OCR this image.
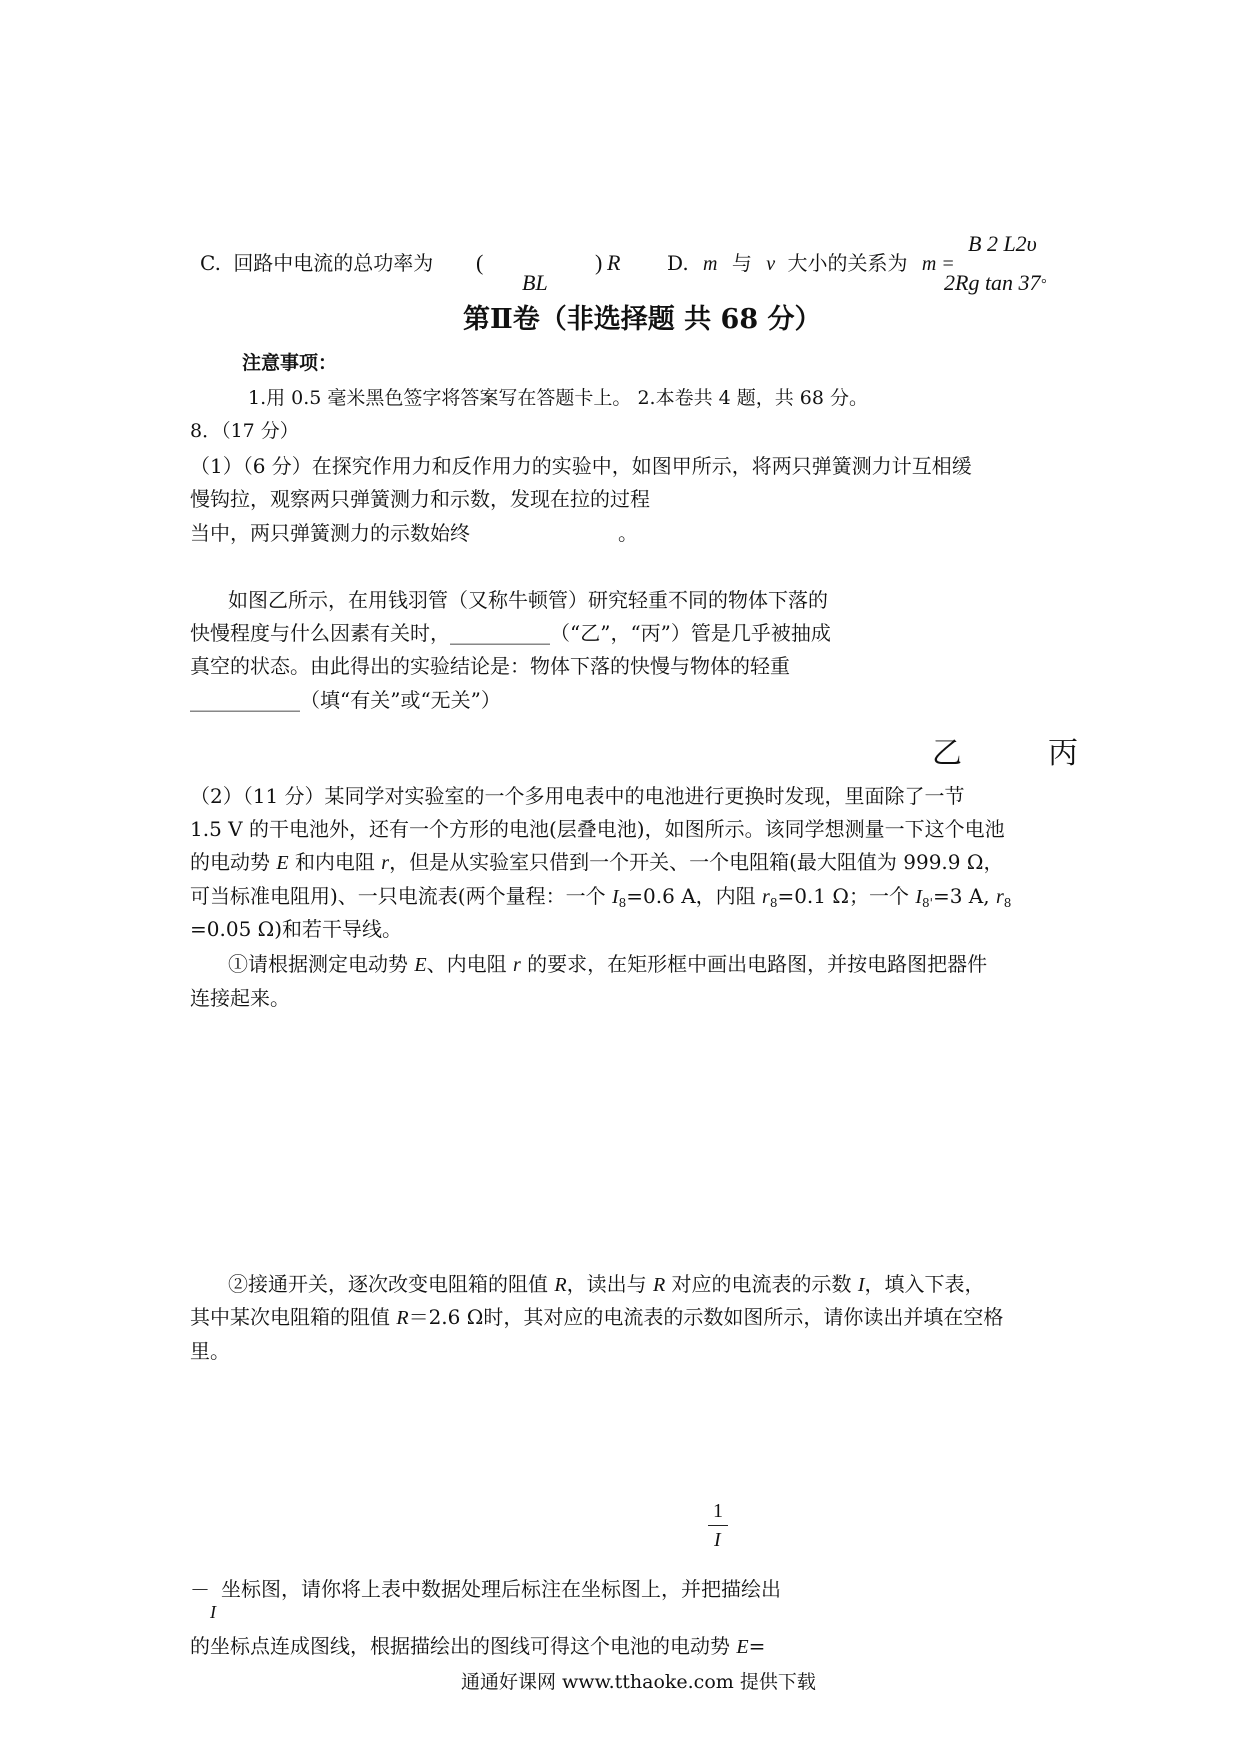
C. 回路中电流的总功率为 (
BL
) R D. m 与 v 大小的关系为 m =
B 2 L2υ
2Rg tan 37°
第Ⅱ卷（非选择题 共 68 分）
注意事项：
1.用 0.5 毫米黑色签字将答案写在答题卡上。 2.本卷共 4 题，共 68 分。
8．（17 分）
（1）（6 分）在探究作用力和反作用力的实验中，如图甲所示，将两只弹簧测力计互相缓
慢钩拉，观察两只弹簧测力和示数，发现在拉的过程
当中，两只弹簧测力的示数始终	。
如图乙所示，在用钱羽管（又称牛顿管）研究轻重不同的物体下落的
快慢程度与什么因素有关时，__________（“乙”，“丙”）管是几乎被抽成
真空的状态。由此得出的实验结论是：物体下落的快慢与物体的轻重
___________（填“有关”或“无关”）
乙	丙
（2）（11 分）某同学对实验室的一个多用电表中的电池进行更换时发现，里面除了一节
1.5 V 的干电池外，还有一个方形的电池(层叠电池)，如图所示。该同学想测量一下这个电池
的电动势 E 和内电阻 r，但是从实验室只借到一个开关、一个电阻箱(最大阻值为 999.9 Ω，
可当标准电阻用)、一只电流表(两个量程：一个 $I_8=0.6$ A，内阻 $r_8=0.1$ Ω；一个 $I_{8'}=3$ A, $r_8$
=0.05 Ω)和若干导线。
①请根据测定电动势 E、内电阻 r 的要求，在矩形框中画出电路图，并按电路图把器件
连接起来。
②接通开关，逐次改变电阻箱的阻值 R，读出与 R 对应的电流表的示数 I，填入下表，
其中某次电阻箱的阻值 R＝2.6 Ω时，其对应的电流表的示数如图所示，请你读出并填在空格
里。
1
I
－ 坐标图，请你将上表中数据处理后标注在坐标图上，并把描绘出
I
的坐标点连成图线，根据描绘出的图线可得这个电池的电动势 E=
通通好课网 www.tthaoke.com 提供下载
